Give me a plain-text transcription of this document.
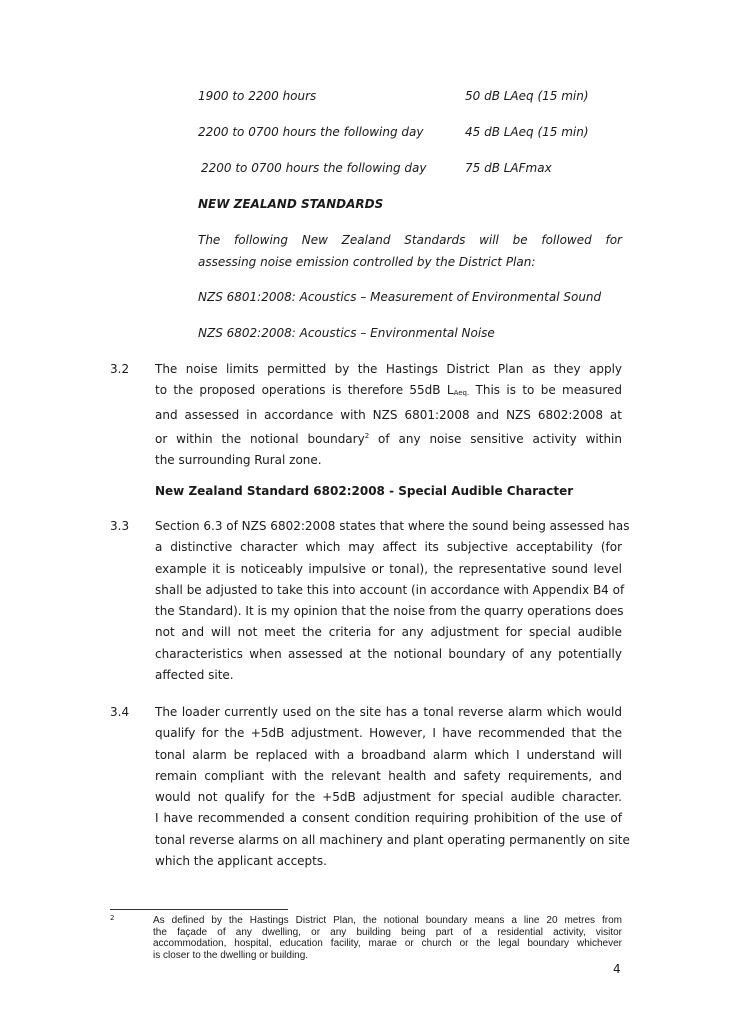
1900 to 2200 hours	50 dB LAeq (15 min)
2200 to 0700 hours the following day	45 dB LAeq (15 min)
2200 to 0700 hours the following day	75 dB LAFmax
NEW ZEALAND STANDARDS
The following New Zealand Standards will be followed for
assessing noise emission controlled by the District Plan:
NZS 6801:2008: Acoustics – Measurement of Environmental Sound
NZS 6802:2008: Acoustics – Environmental Noise
3.2 The noise limits permitted by the Hastings District Plan as they apply
to the proposed operations is therefore 55dB $L_{Aeq.}$ This is to be measured
and assessed in accordance with NZS 6801:2008 and NZS 6802:2008 at
or within the notional boundary$^2$ of any noise sensitive activity within
the surrounding Rural zone.
New Zealand Standard 6802:2008 - Special Audible Character
3.3 Section 6.3 of NZS 6802:2008 states that where the sound being assessed has
a distinctive character which may affect its subjective acceptability (for
example it is noticeably impulsive or tonal), the representative sound level
shall be adjusted to take this into account (in accordance with Appendix B4 of
the Standard). It is my opinion that the noise from the quarry operations does
not and will not meet the criteria for any adjustment for special audible
characteristics when assessed at the notional boundary of any potentially
affected site.
3.4 The loader currently used on the site has a tonal reverse alarm which would
qualify for the +5dB adjustment. However, I have recommended that the
tonal alarm be replaced with a broadband alarm which I understand will
remain compliant with the relevant health and safety requirements, and
would not qualify for the +5dB adjustment for special audible character.
I have recommended a consent condition requiring prohibition of the use of
tonal reverse alarms on all machinery and plant operating permanently on site
which the applicant accepts.
2	As defined by the Hastings District Plan, the notional boundary means a line 20 metres from
the façade of any dwelling, or any building being part of a residential activity, visitor
accommodation, hospital, education facility, marae or church or the legal boundary whichever
is closer to the dwelling or building.
4
